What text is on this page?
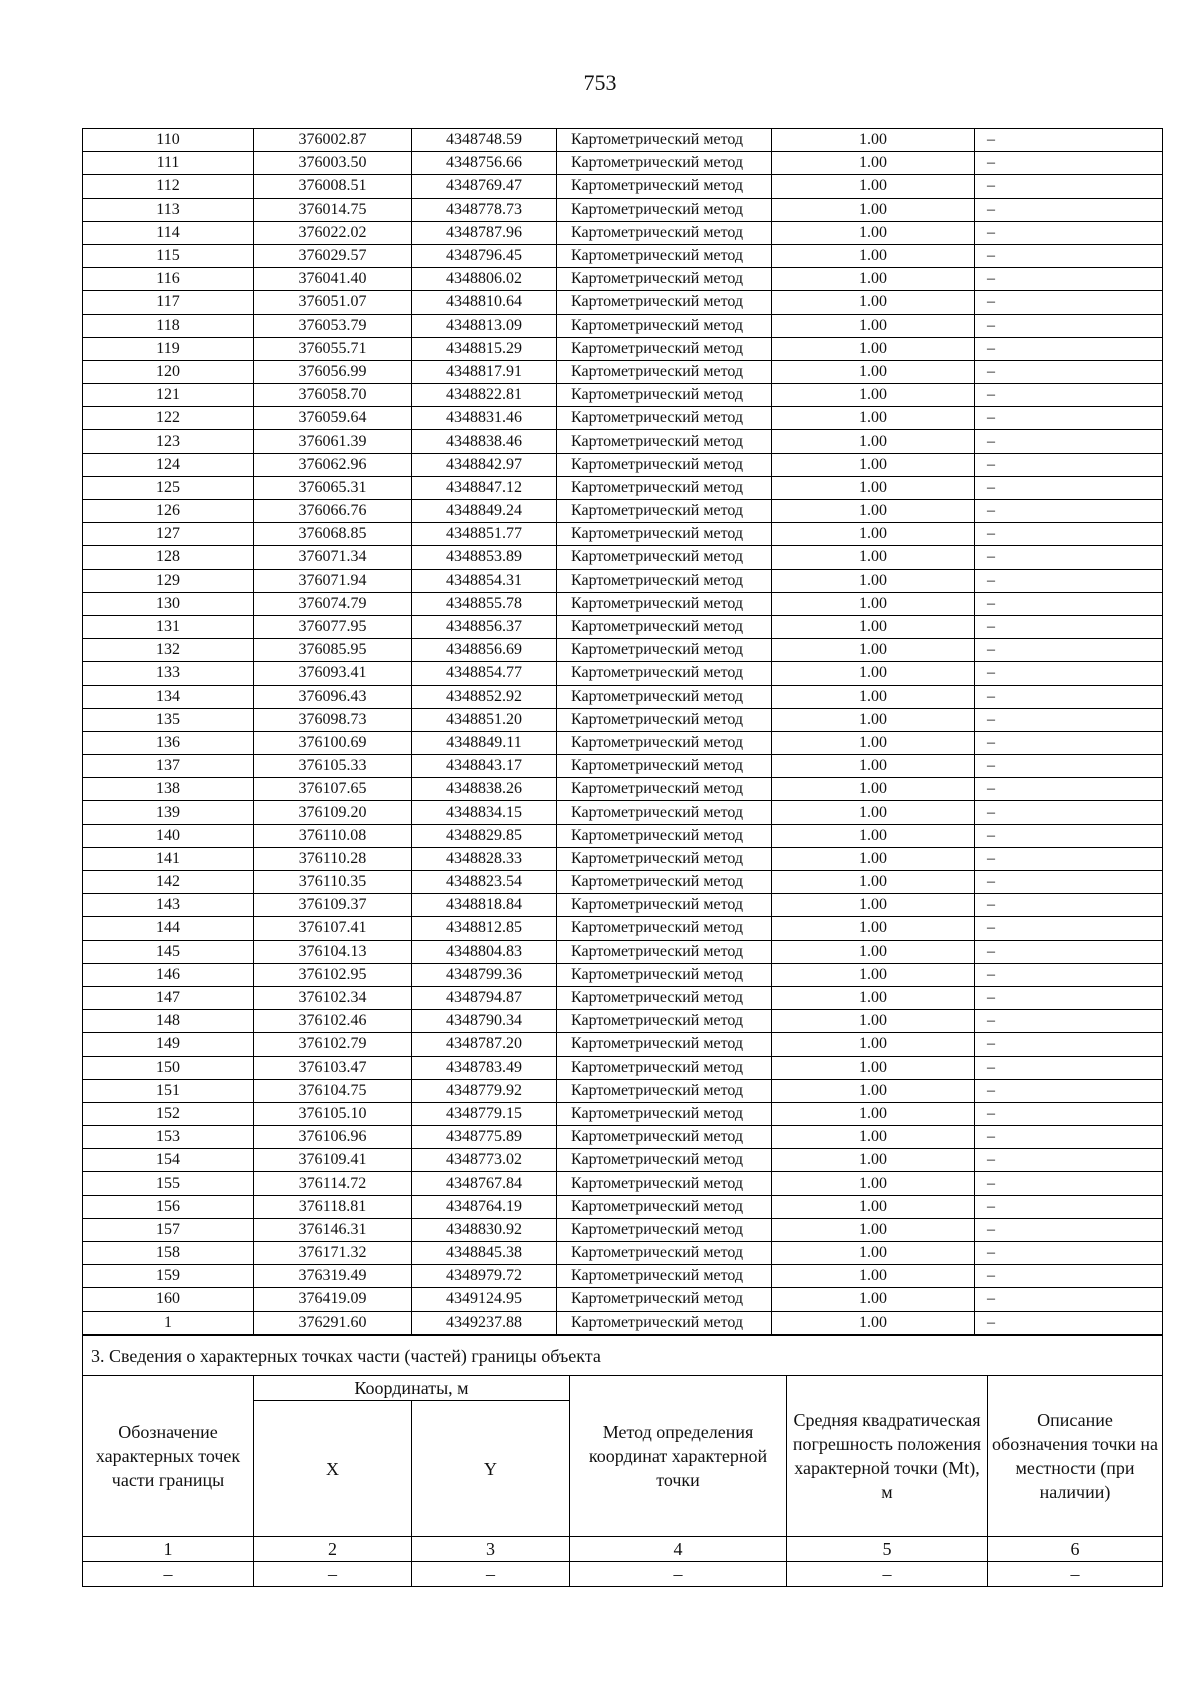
753
110	376002.87	4348748.59	Картометрический метод	1.00	–
111	376003.50	4348756.66	Картометрический метод	1.00	–
112	376008.51	4348769.47	Картометрический метод	1.00	–
113	376014.75	4348778.73	Картометрический метод	1.00	–
114	376022.02	4348787.96	Картометрический метод	1.00	–
115	376029.57	4348796.45	Картометрический метод	1.00	–
116	376041.40	4348806.02	Картометрический метод	1.00	–
117	376051.07	4348810.64	Картометрический метод	1.00	–
118	376053.79	4348813.09	Картометрический метод	1.00	–
119	376055.71	4348815.29	Картометрический метод	1.00	–
120	376056.99	4348817.91	Картометрический метод	1.00	–
121	376058.70	4348822.81	Картометрический метод	1.00	–
122	376059.64	4348831.46	Картометрический метод	1.00	–
123	376061.39	4348838.46	Картометрический метод	1.00	–
124	376062.96	4348842.97	Картометрический метод	1.00	–
125	376065.31	4348847.12	Картометрический метод	1.00	–
126	376066.76	4348849.24	Картометрический метод	1.00	–
127	376068.85	4348851.77	Картометрический метод	1.00	–
128	376071.34	4348853.89	Картометрический метод	1.00	–
129	376071.94	4348854.31	Картометрический метод	1.00	–
130	376074.79	4348855.78	Картометрический метод	1.00	–
131	376077.95	4348856.37	Картометрический метод	1.00	–
132	376085.95	4348856.69	Картометрический метод	1.00	–
133	376093.41	4348854.77	Картометрический метод	1.00	–
134	376096.43	4348852.92	Картометрический метод	1.00	–
135	376098.73	4348851.20	Картометрический метод	1.00	–
136	376100.69	4348849.11	Картометрический метод	1.00	–
137	376105.33	4348843.17	Картометрический метод	1.00	–
138	376107.65	4348838.26	Картометрический метод	1.00	–
139	376109.20	4348834.15	Картометрический метод	1.00	–
140	376110.08	4348829.85	Картометрический метод	1.00	–
141	376110.28	4348828.33	Картометрический метод	1.00	–
142	376110.35	4348823.54	Картометрический метод	1.00	–
143	376109.37	4348818.84	Картометрический метод	1.00	–
144	376107.41	4348812.85	Картометрический метод	1.00	–
145	376104.13	4348804.83	Картометрический метод	1.00	–
146	376102.95	4348799.36	Картометрический метод	1.00	–
147	376102.34	4348794.87	Картометрический метод	1.00	–
148	376102.46	4348790.34	Картометрический метод	1.00	–
149	376102.79	4348787.20	Картометрический метод	1.00	–
150	376103.47	4348783.49	Картометрический метод	1.00	–
151	376104.75	4348779.92	Картометрический метод	1.00	–
152	376105.10	4348779.15	Картометрический метод	1.00	–
153	376106.96	4348775.89	Картометрический метод	1.00	–
154	376109.41	4348773.02	Картометрический метод	1.00	–
155	376114.72	4348767.84	Картометрический метод	1.00	–
156	376118.81	4348764.19	Картометрический метод	1.00	–
157	376146.31	4348830.92	Картометрический метод	1.00	–
158	376171.32	4348845.38	Картометрический метод	1.00	–
159	376319.49	4348979.72	Картометрический метод	1.00	–
160	376419.09	4349124.95	Картометрический метод	1.00	–
1	376291.60	4349237.88	Картометрический метод	1.00	–
3. Сведения о характерных точках части (частей) границы объекта					
Обозначение характерных точек части границы	Координаты, м		Метод определения координат характерной точки	Средняя квадратическая погрешность положения характерной точки (Mt), м	Описание обозначения точки на местности (при наличии)
	X	Y			
1	2	3	4	5	6
–	–	–	–	–	–
